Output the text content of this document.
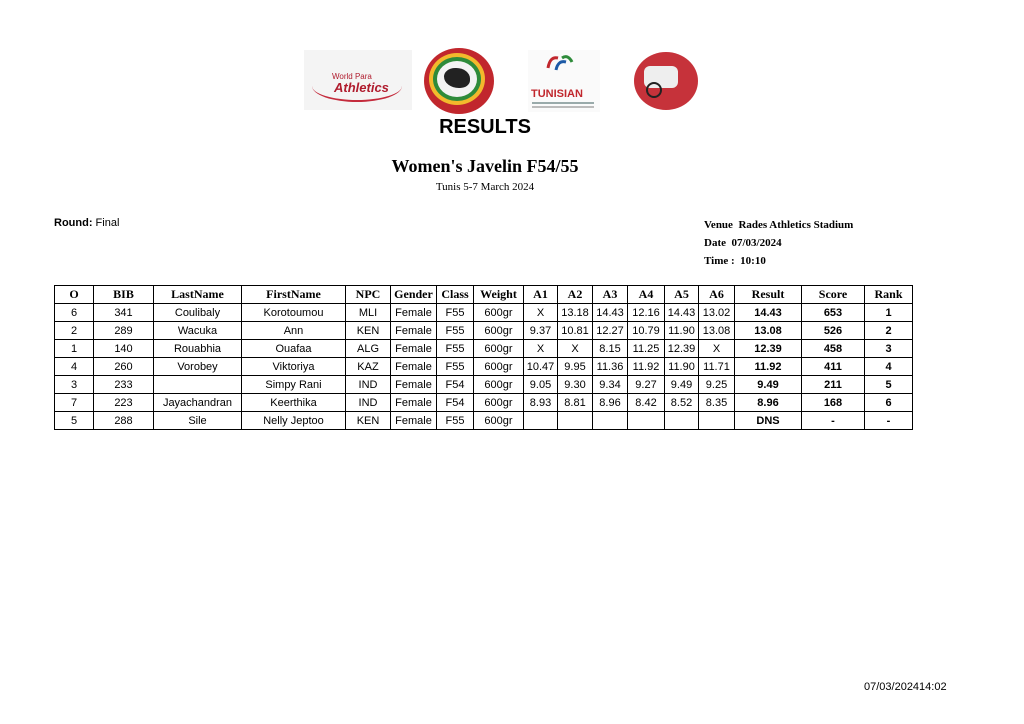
World Para
Athletics	TUNISIAN
RESULTS
Women's Javelin F54/55
Tunis 5-7 March 2024
Round: Final	Venue Rades Athletics Stadium
Date 07/03/2024
Time : 10:10
O	BIB	LastName	FirstName	NPC	Gender	Class	Weight	A1	A2	A3	A4	A5	A6	Result	Score	Rank
6	341	Coulibaly	Korotoumou	MLI	Female	F55	600gr	X	13.18	14.43	12.16	14.43	13.02	14.43	653	1
2	289	Wacuka	Ann	KEN	Female	F55	600gr	9.37	10.81	12.27	10.79	11.90	13.08	13.08	526	2
1	140	Rouabhia	Ouafaa	ALG	Female	F55	600gr	X	X	8.15	11.25	12.39	X	12.39	458	3
4	260	Vorobey	Viktoriya	KAZ	Female	F55	600gr	10.47	9.95	11.36	11.92	11.90	11.71	11.92	411	4
3	233		Simpy Rani	IND	Female	F54	600gr	9.05	9.30	9.34	9.27	9.49	9.25	9.49	211	5
7	223	Jayachandran	Keerthika	IND	Female	F54	600gr	8.93	8.81	8.96	8.42	8.52	8.35	8.96	168	6
5	288	Sile	Nelly Jeptoo	KEN	Female	F55	600gr							DNS	-	-
07/03/202414:02
